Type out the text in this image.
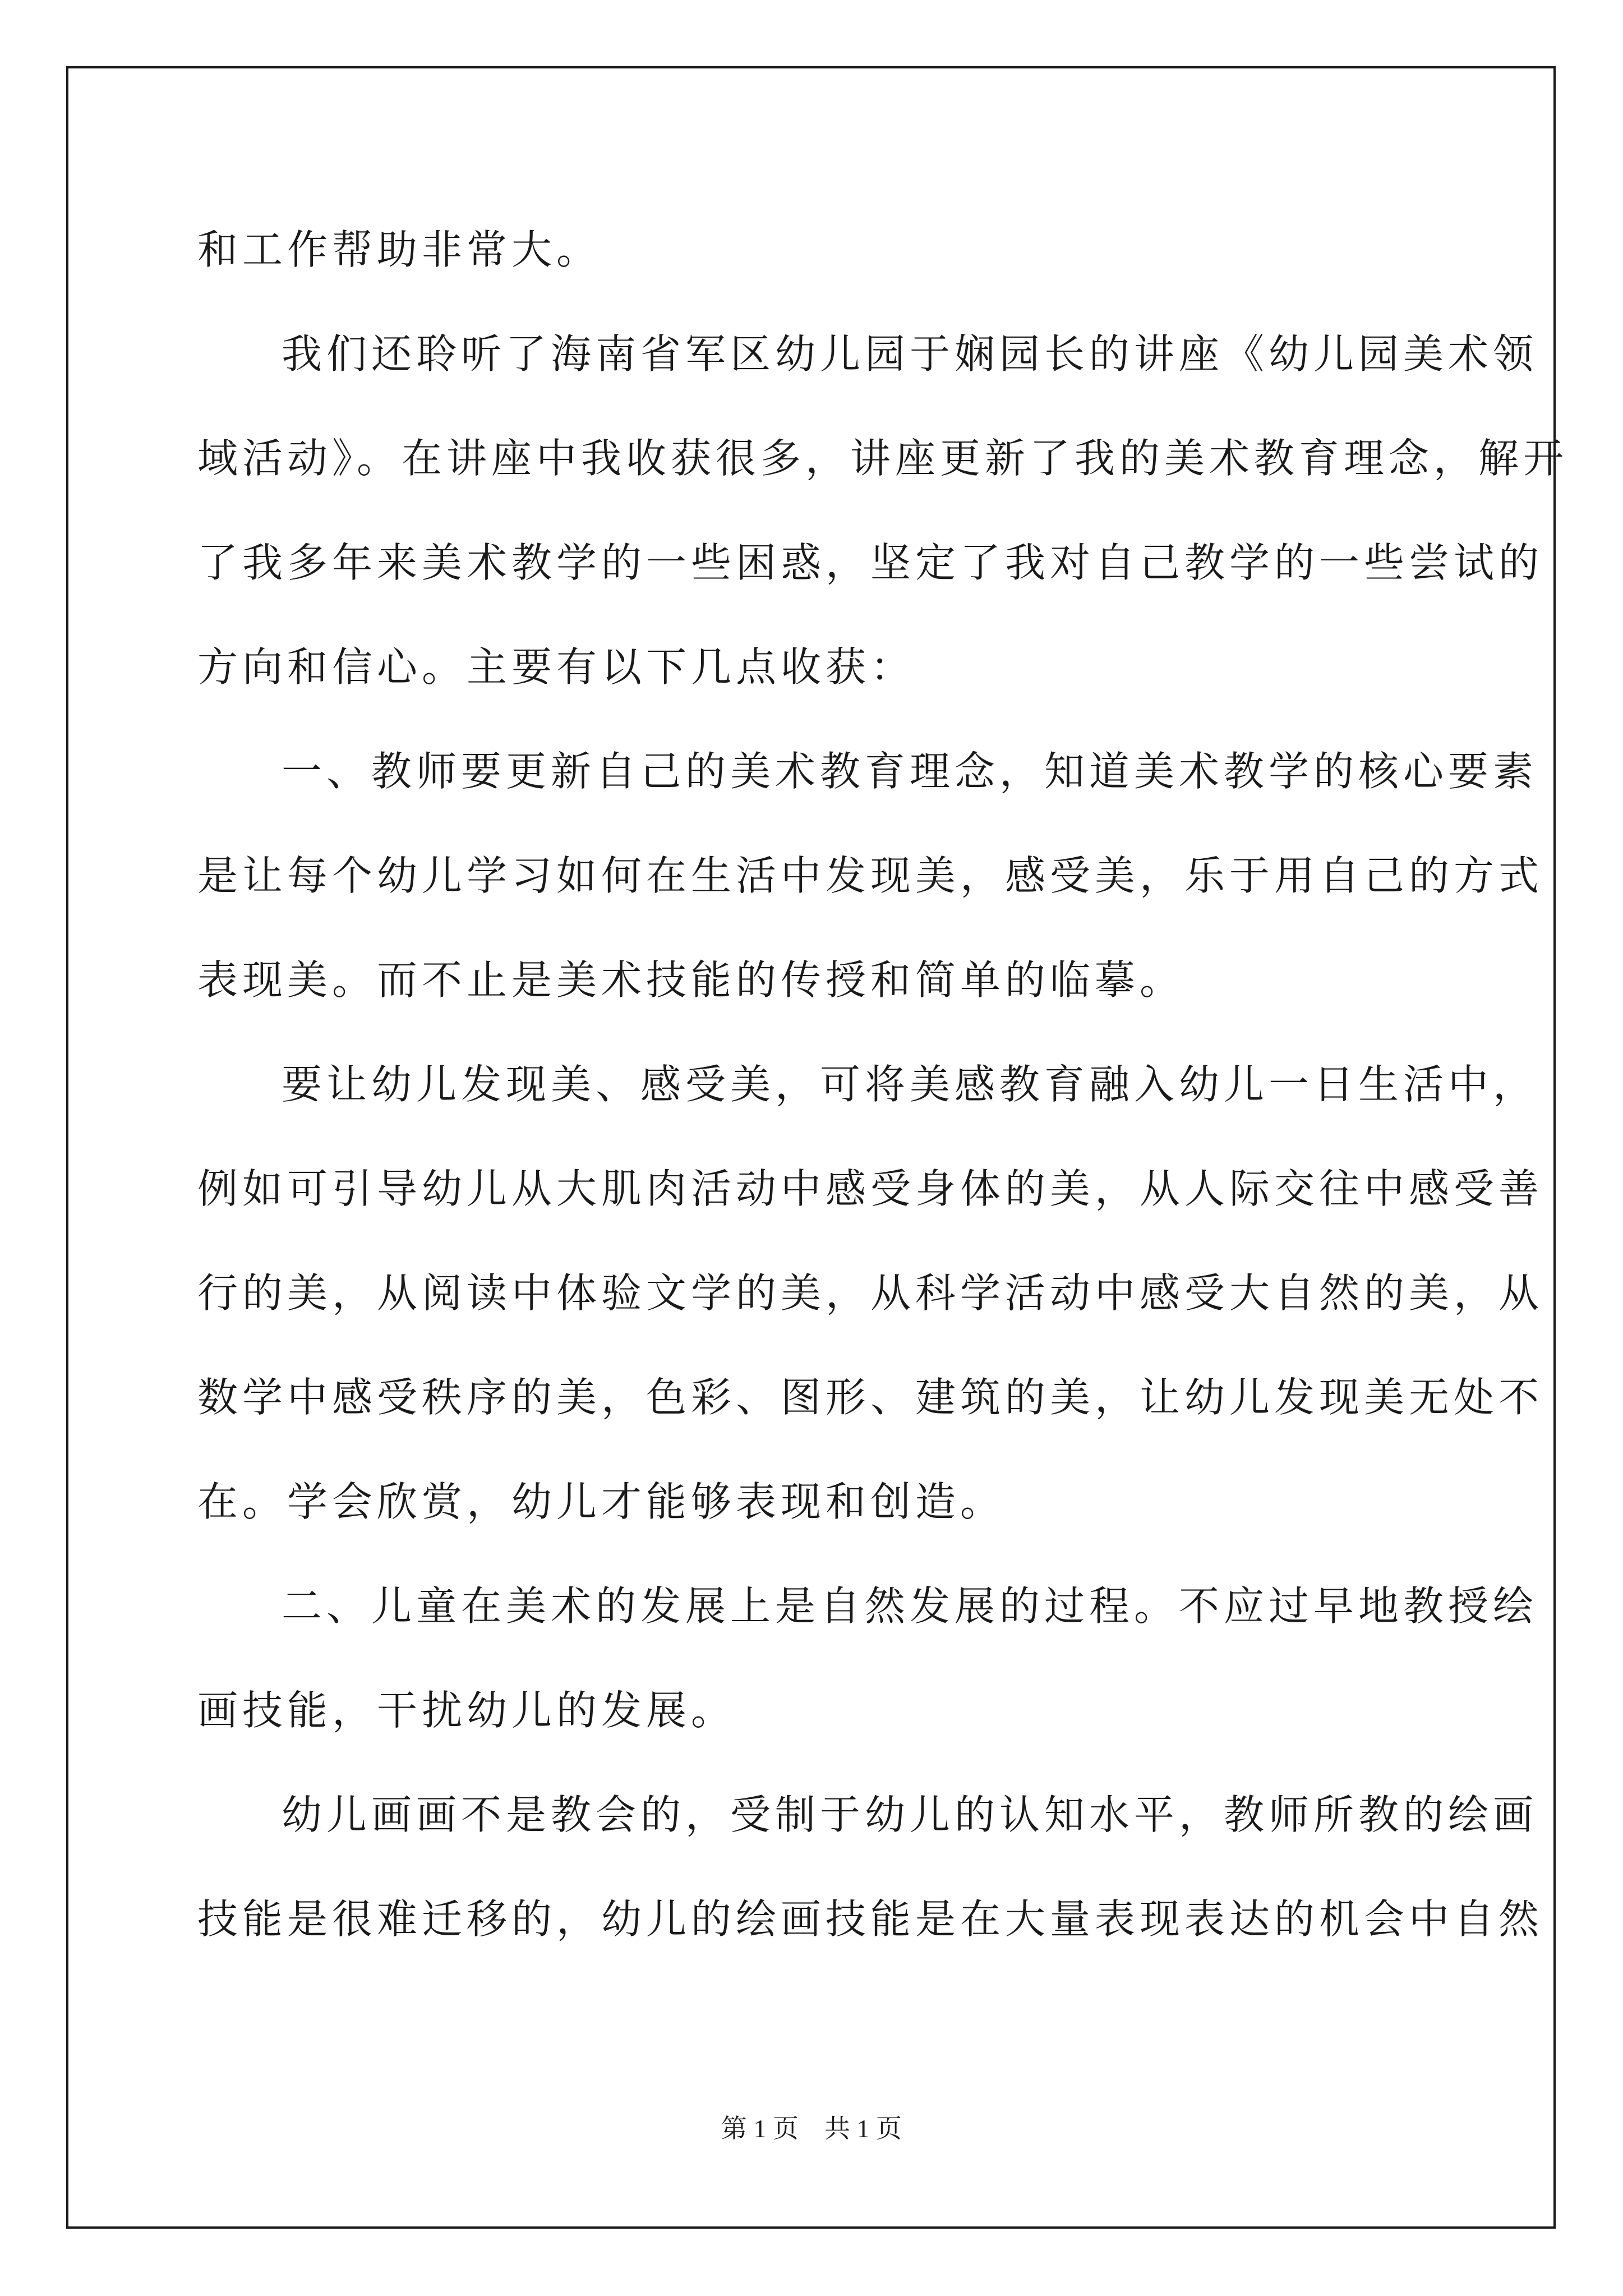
和工作帮助非常大。
我们还聆听了海南省军区幼儿园于娴园长的讲座《幼儿园美术领
域活动》。在讲座中我收获很多，讲座更新了我的美术教育理念，解开
了我多年来美术教学的一些困惑，坚定了我对自己教学的一些尝试的
方向和信心。主要有以下几点收获：
一、教师要更新自己的美术教育理念，知道美术教学的核心要素
是让每个幼儿学习如何在生活中发现美，感受美，乐于用自己的方式
表现美。而不止是美术技能的传授和简单的临摹。
要让幼儿发现美、感受美，可将美感教育融入幼儿一日生活中，
例如可引导幼儿从大肌肉活动中感受身体的美，从人际交往中感受善
行的美，从阅读中体验文学的美，从科学活动中感受大自然的美，从
数学中感受秩序的美，色彩、图形、建筑的美，让幼儿发现美无处不
在。学会欣赏，幼儿才能够表现和创造。
二、儿童在美术的发展上是自然发展的过程。不应过早地教授绘
画技能，干扰幼儿的发展。
幼儿画画不是教会的，受制于幼儿的认知水平，教师所教的绘画
技能是很难迁移的，幼儿的绘画技能是在大量表现表达的机会中自然
第 1 页 共 1 页
